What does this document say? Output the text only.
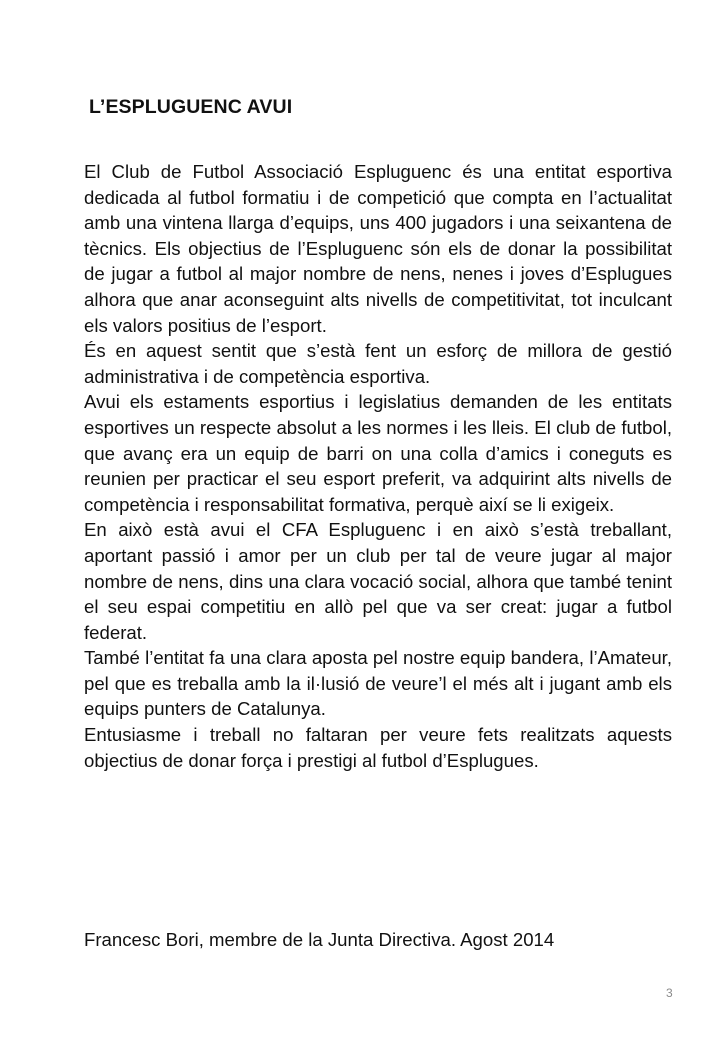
L’ESPLUGUENC AVUI

El Club de Futbol Associació Espluguenc és una entitat esportiva dedicada al futbol formatiu i de competició que compta en l’actualitat amb una vintena llarga d’equips, uns 400 jugadors i una seixantena de tècnics. Els objectius de l’Espluguenc són els de donar la possibilitat de jugar a futbol al major nombre de nens, nenes i joves d’Esplugues alhora que anar aconseguint alts nivells de competitivitat, tot inculcant els valors positius de l’esport.

És en aquest sentit que s’està fent un esforç de millora de gestió administrativa i de competència esportiva.

Avui els estaments esportius i legislatius demanden de les entitats esportives un respecte absolut a les normes i les lleis. El club de futbol, que avanç era un equip de barri on una colla d’amics i coneguts es reunien per practicar el seu esport preferit, va adquirint alts nivells de competència i responsabilitat formativa, perquè així se li exigeix.

En això està avui el CFA Espluguenc i en això s’està treballant, aportant passió i amor per un club per tal de veure jugar al major nombre de nens, dins una clara vocació social, alhora que també tenint el seu espai competitiu en allò pel que va ser creat: jugar a futbol federat.

També l’entitat fa una clara aposta pel nostre equip bandera, l’Amateur, pel que es treballa amb la il·lusió de veure’l el més alt i jugant amb els equips punters de Catalunya.

Entusiasme i treball no faltaran per veure fets realitzats aquests objectius de donar força i prestigi al futbol d’Esplugues.

Francesc Bori, membre de la Junta Directiva. Agost 2014

3
